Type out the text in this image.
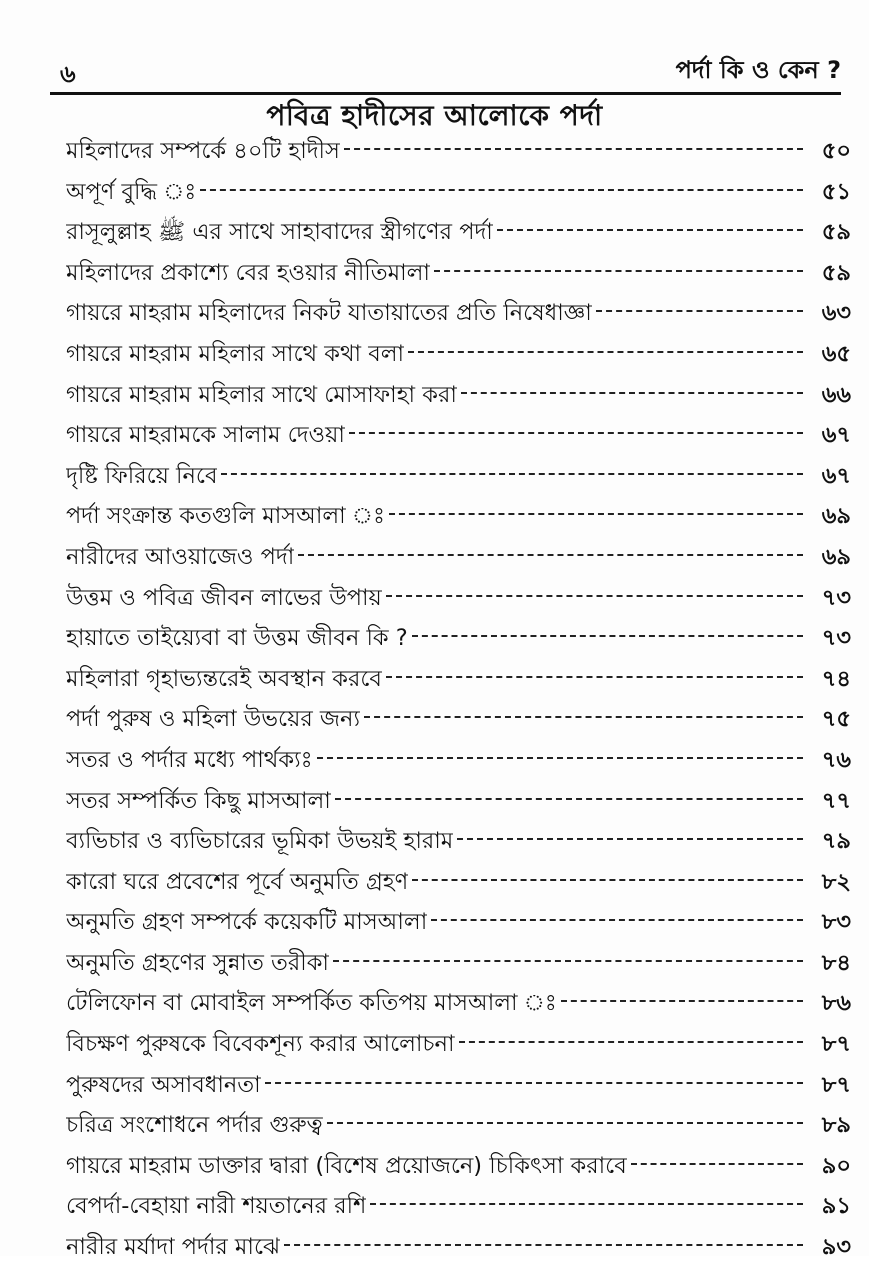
৬	পর্দা কি ও কেন ?
পবিত্র হাদীসের আলোকে পর্দা
মহিলাদের সম্পর্কে ৪০টি হাদীস	৫০
অপূর্ণ বুদ্ধি ঃ	৫১
রাসূলুল্লাহ ﷺ এর সাথে সাহাবাদের স্ত্রীগণের পর্দা	৫৯
মহিলাদের প্রকাশ্যে বের হওয়ার নীতিমালা	৫৯
গায়রে মাহরাম মহিলাদের নিকট যাতায়াতের প্রতি নিষেধাজ্ঞা	৬৩
গায়রে মাহরাম মহিলার সাথে কথা বলা	৬৫
গায়রে মাহরাম মহিলার সাথে মোসাফাহা করা	৬৬
গায়রে মাহরামকে সালাম দেওয়া	৬৭
দৃষ্টি ফিরিয়ে নিবে	৬৭
পর্দা সংক্রান্ত কতগুলি মাসআলা ঃ	৬৯
নারীদের আওয়াজেও পর্দা	৬৯
উত্তম ও পবিত্র জীবন লাভের উপায়	৭৩
হায়াতে তাইয়্যেবা বা উত্তম জীবন কি ?	৭৩
মহিলারা গৃহাভ্যন্তরেই অবস্থান করবে	৭৪
পর্দা পুরুষ ও মহিলা উভয়ের জন্য	৭৫
সতর ও পর্দার মধ্যে পার্থক্যঃ	৭৬
সতর সম্পর্কিত কিছু মাসআলা	৭৭
ব্যভিচার ও ব্যভিচারের ভূমিকা উভয়ই হারাম	৭৯
কারো ঘরে প্রবেশের পূর্বে অনুমতি গ্রহণ	৮২
অনুমতি গ্রহণ সম্পর্কে কয়েকটি মাসআলা	৮৩
অনুমতি গ্রহণের সুন্নাত তরীকা	৮৪
টেলিফোন বা মোবাইল সম্পর্কিত কতিপয় মাসআলা ঃ	৮৬
বিচক্ষণ পুরুষকে বিবেকশূন্য করার আলোচনা	৮৭
পুরুষদের অসাবধানতা	৮৭
চরিত্র সংশোধনে পর্দার গুরুত্ব	৮৯
গায়রে মাহরাম ডাক্তার দ্বারা (বিশেষ প্রয়োজনে) চিকিৎসা করাবে	৯০
বেপর্দা-বেহায়া নারী শয়তানের রশি	৯১
নারীর মর্যাদা পর্দার মাঝে	৯৩
